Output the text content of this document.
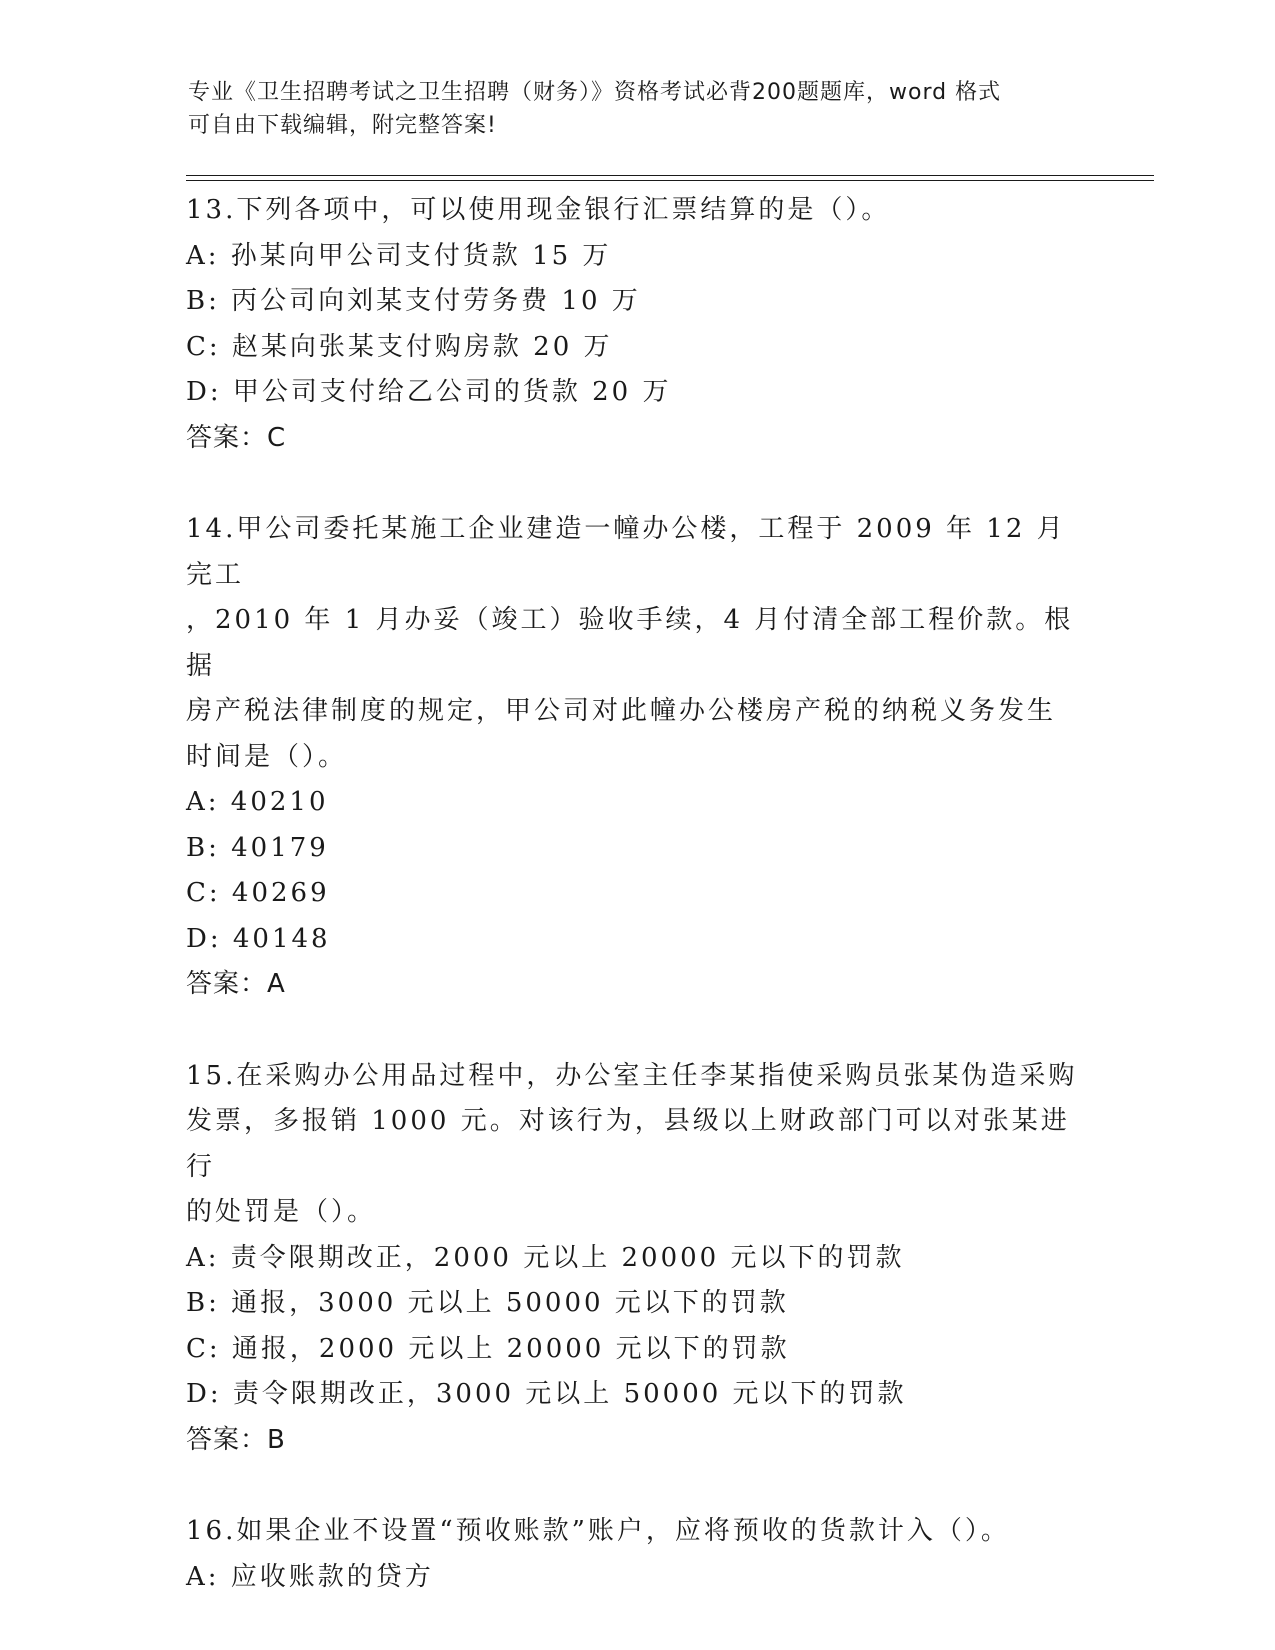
专业《卫生招聘考试之卫生招聘（财务）》资格考试必背200题题库，word 格式
可自由下载编辑，附完整答案!
13.下列各项中，可以使用现金银行汇票结算的是（）。
A: 孙某向甲公司支付货款 15 万
B: 丙公司向刘某支付劳务费 10 万
C: 赵某向张某支付购房款 20 万
D: 甲公司支付给乙公司的货款 20 万
答案：C
14.甲公司委托某施工企业建造一幢办公楼，工程于 2009 年 12 月完工
，2010 年 1 月办妥（竣工）验收手续，4 月付清全部工程价款。根据
房产税法律制度的规定，甲公司对此幢办公楼房产税的纳税义务发生
时间是（）。
A: 40210
B: 40179
C: 40269
D: 40148
答案：A
15.在采购办公用品过程中，办公室主任李某指使采购员张某伪造采购
发票，多报销 1000 元。对该行为，县级以上财政部门可以对张某进行
的处罚是（）。
A: 责令限期改正，2000 元以上 20000 元以下的罚款
B: 通报，3000 元以上 50000 元以下的罚款
C: 通报，2000 元以上 20000 元以下的罚款
D: 责令限期改正，3000 元以上 50000 元以下的罚款
答案：B
16.如果企业不设置“预收账款”账户，应将预收的货款计入（）。
A: 应收账款的贷方
